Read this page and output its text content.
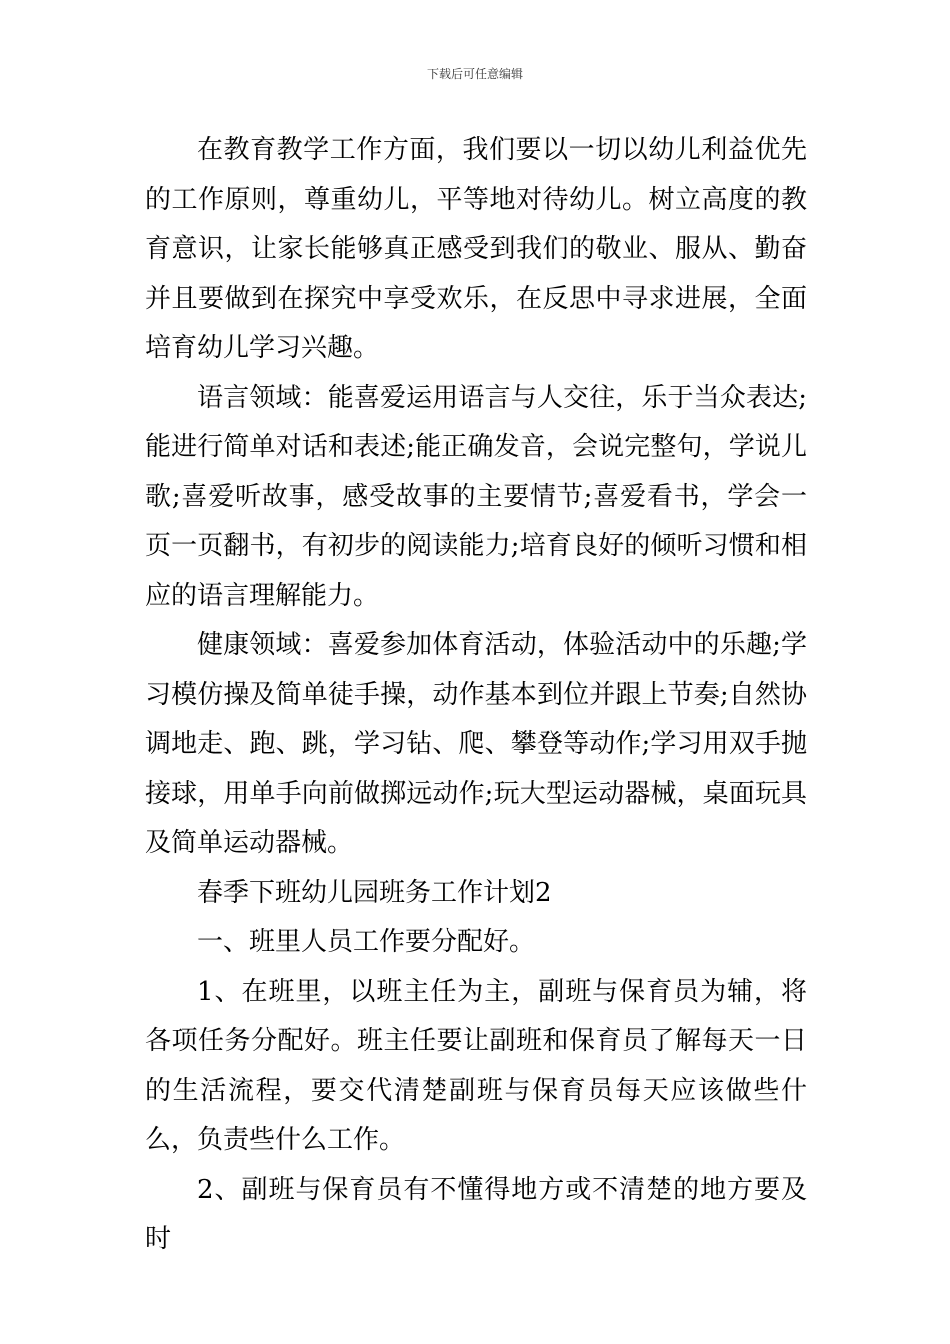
下载后可任意编辑

在教育教学工作方面，我们要以一切以幼儿利益优先的工作原则，尊重幼儿，平等地对待幼儿。树立高度的教育意识，让家长能够真正感受到我们的敬业、服从、勤奋并且要做到在探究中享受欢乐，在反思中寻求进展，全面培育幼儿学习兴趣。

语言领域：能喜爱运用语言与人交往，乐于当众表达;能进行简单对话和表述;能正确发音，会说完整句，学说儿歌;喜爱听故事，感受故事的主要情节;喜爱看书，学会一页一页翻书，有初步的阅读能力;培育良好的倾听习惯和相应的语言理解能力。

健康领域：喜爱参加体育活动，体验活动中的乐趣;学习模仿操及简单徒手操，动作基本到位并跟上节奏;自然协调地走、跑、跳，学习钻、爬、攀登等动作;学习用双手抛接球，用单手向前做掷远动作;玩大型运动器械，桌面玩具及简单运动器械。

春季下班幼儿园班务工作计划2

一、班里人员工作要分配好。

1、在班里，以班主任为主，副班与保育员为辅，将各项任务分配好。班主任要让副班和保育员了解每天一日的生活流程，要交代清楚副班与保育员每天应该做些什么，负责些什么工作。

2、副班与保育员有不懂得地方或不清楚的地方要及时
